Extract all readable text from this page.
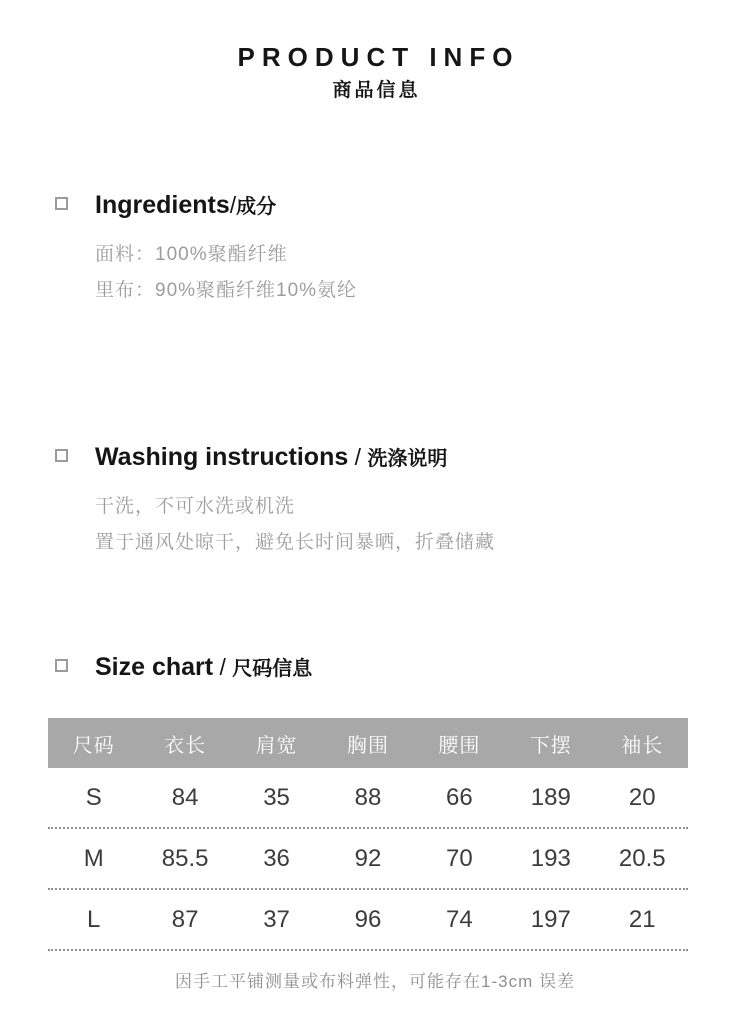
PRODUCT INFO
商品信息
Ingredients/成分
面料：100%聚酯纤维
里布：90%聚酯纤维10%氨纶
Washing instructions / 洗涤说明
干洗，不可水洗或机洗
置于通风处晾干，避免长时间暴晒，折叠储藏
Size chart / 尺码信息
尺码	衣长	肩宽	胸围	腰围	下摆	袖长
S	84	35	88	66	189	20
M	85.5	36	92	70	193	20.5
L	87	37	96	74	197	21
因手工平铺测量或布料弹性，可能存在1-3cm 误差
